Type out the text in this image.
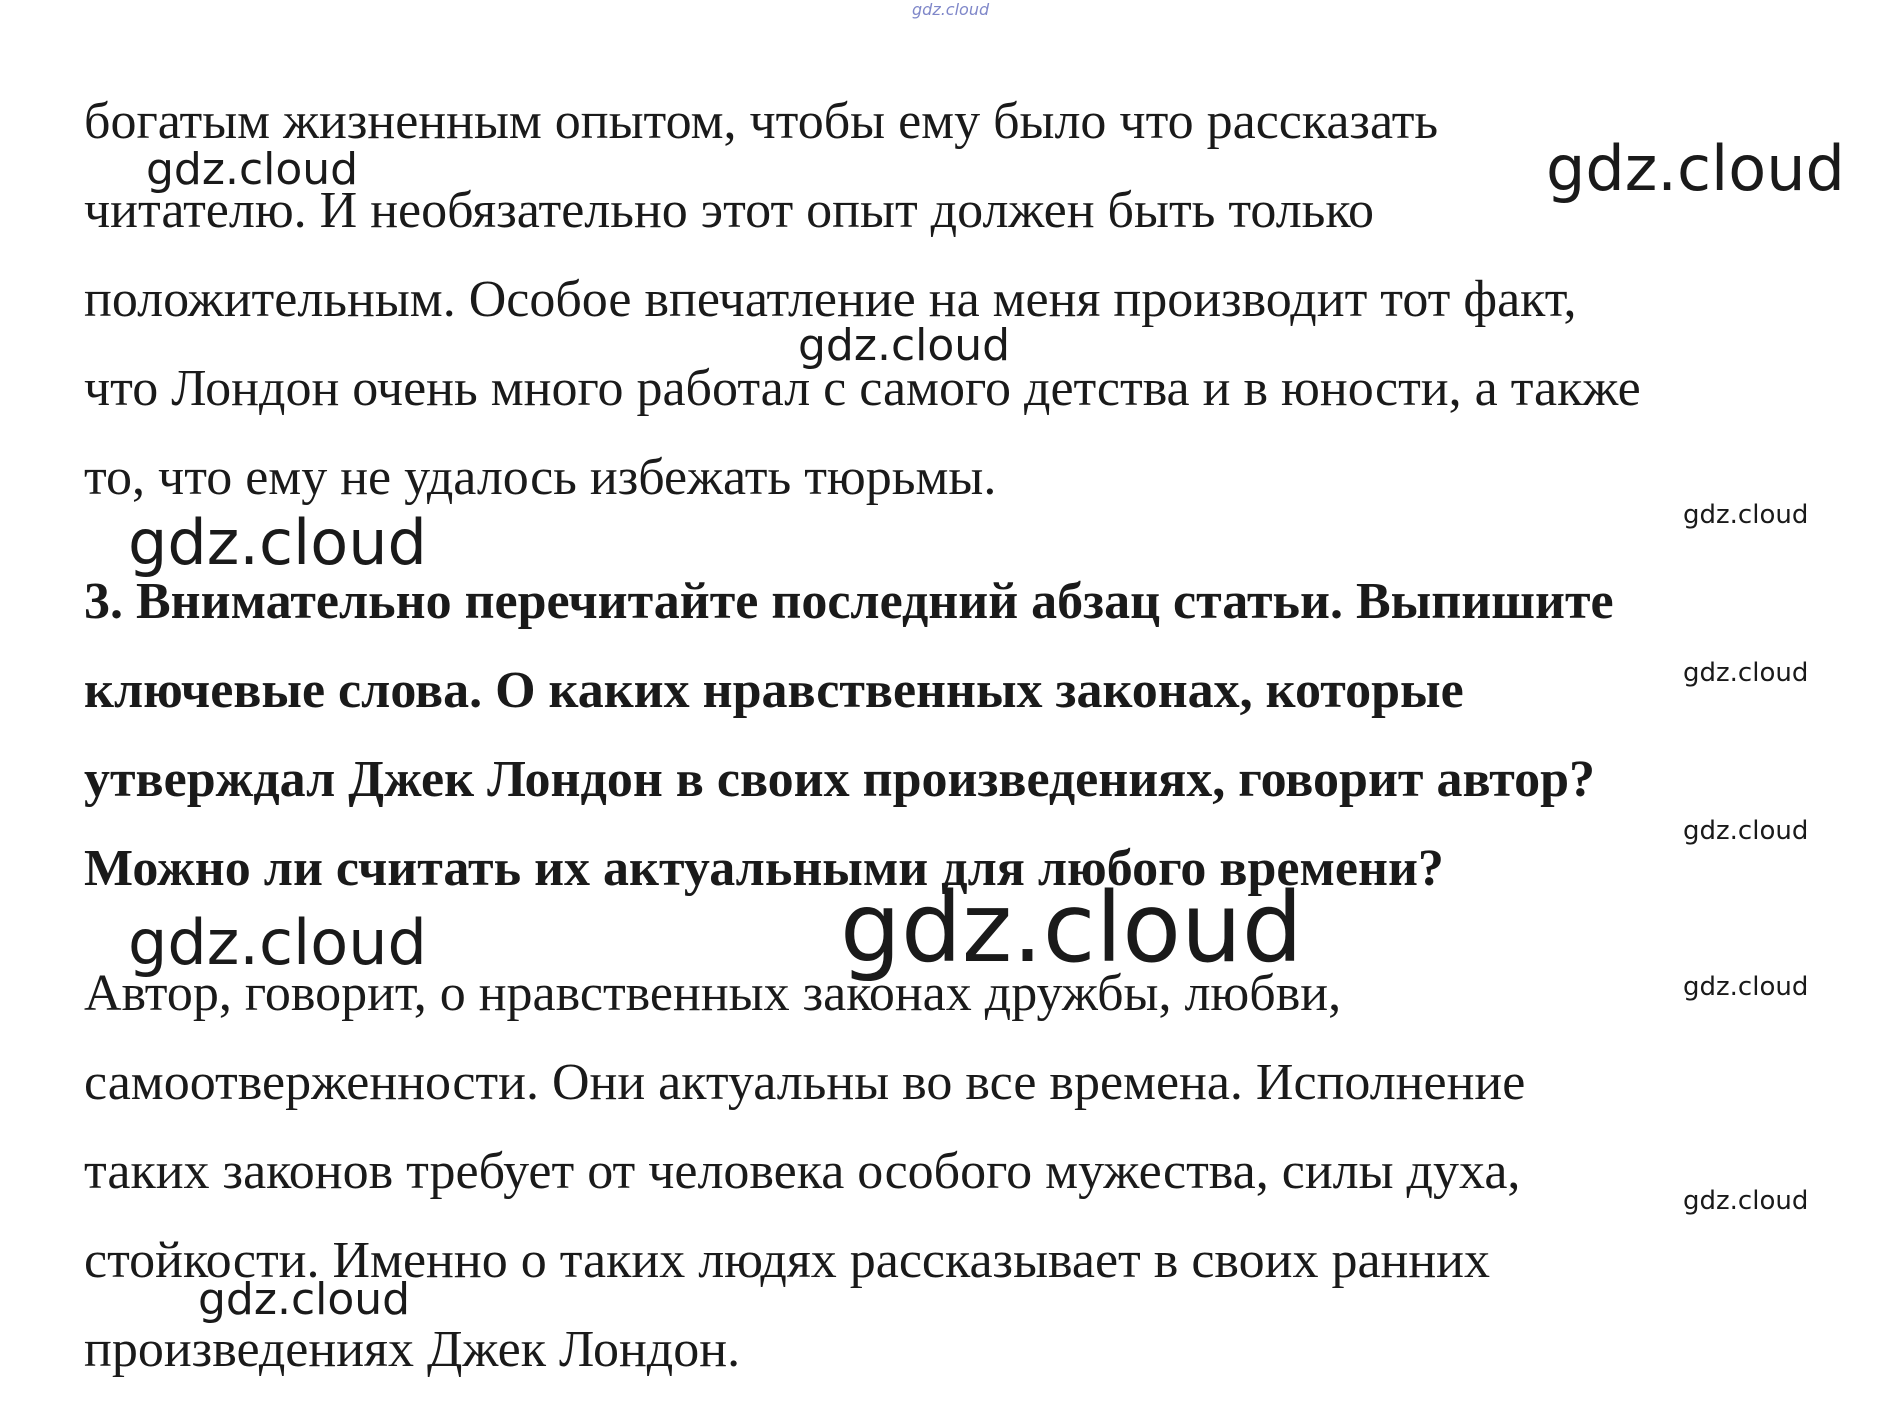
gdz.cloud
богатым жизненным опытом, чтобы ему было что рассказать
читателю. И необязательно этот опыт должен быть только
положительным. Особое впечатление на меня производит тот факт,
что Лондон очень много работал с самого детства и в юности, а также
то, что ему не удалось избежать тюрьмы.
3. Внимательно перечитайте последний абзац статьи. Выпишите
ключевые слова. О каких нравственных законах, которые
утверждал Джек Лондон в своих произведениях, говорит автор?
Можно ли считать их актуальными для любого времени?
Автор, говорит, о нравственных законах дружбы, любви,
самоотверженности. Они актуальны во все времена. Исполнение
таких законов требует от человека особого мужества, силы духа,
стойкости. Именно о таких людях рассказывает в своих ранних
произведениях Джек Лондон.
gdz.cloud	gdz.cloud
gdz.cloud
gdz.cloud
gdz.cloud
gdz.cloud
gdz.cloud
gdz.cloud	gdz.cloud
gdz.cloud
gdz.cloud
gdz.cloud
